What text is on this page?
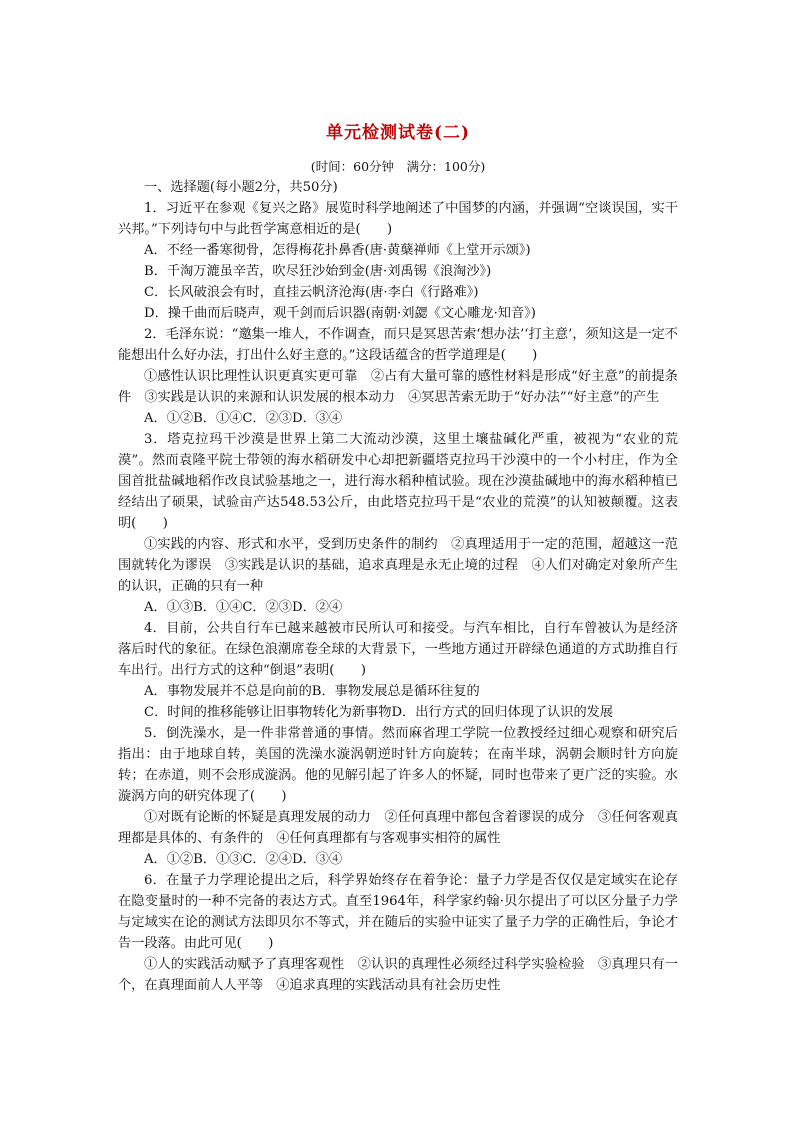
单元检测试卷(二)
(时间：60分钟　满分：100分)
一、选择题(每小题2分，共50分)

1．习近平在参观《复兴之路》展览时科学地阐述了中国梦的内涵，并强调“空谈误国，实干兴邦。”下列诗句中与此哲学寓意相近的是(　　)

A．不经一番寒彻骨，怎得梅花扑鼻香(唐·黄蘖禅师《上堂开示颂》)

B．千淘万漉虽辛苦，吹尽狂沙始到金(唐·刘禹锡《浪淘沙》)

C．长风破浪会有时，直挂云帆济沧海(唐·李白《行路难》)

D．操千曲而后晓声，观千剑而后识器(南朝·刘勰《文心雕龙·知音》)

2．毛泽东说：“邀集一堆人，不作调查，而只是冥思苦索‘想办法’‘打主意’，须知这是一定不能想出什么好办法，打出什么好主意的。”这段话蕴含的哲学道理是(　　)

①感性认识比理性认识更真实更可靠　②占有大量可靠的感性材料是形成“好主意”的前提条件　③实践是认识的来源和认识发展的根本动力　④冥思苦索无助于“好办法”“好主意”的产生

A．①②B．①④C．②③D．③④

3．塔克拉玛干沙漠是世界上第二大流动沙漠，这里土壤盐碱化严重，被视为“农业的荒漠”。然而袁隆平院士带领的海水稻研发中心却把新疆塔克拉玛干沙漠中的一个小村庄，作为全国首批盐碱地稻作改良试验基地之一，进行海水稻种植试验。现在沙漠盐碱地中的海水稻种植已经结出了硕果，试验亩产达548.53公斤，由此塔克拉玛干是“农业的荒漠”的认知被颠覆。这表明(　　)

①实践的内容、形式和水平，受到历史条件的制约　②真理适用于一定的范围，超越这一范围就转化为谬误　③实践是认识的基础，追求真理是永无止境的过程　④人们对确定对象所产生的认识，正确的只有一种

A．①③B．①④C．②③D．②④

4．目前，公共自行车已越来越被市民所认可和接受。与汽车相比，自行车曾被认为是经济落后时代的象征。在绿色浪潮席卷全球的大背景下，一些地方通过开辟绿色通道的方式助推自行车出行。出行方式的这种“倒退”表明(　　)

A．事物发展并不总是向前的B．事物发展总是循环往复的

C．时间的推移能够让旧事物转化为新事物D．出行方式的回归体现了认识的发展

5．倒洗澡水，是一件非常普通的事情。然而麻省理工学院一位教授经过细心观察和研究后指出：由于地球自转，美国的洗澡水漩涡朝逆时针方向旋转；在南半球，涡朝会顺时针方向旋转；在赤道，则不会形成漩涡。他的见解引起了许多人的怀疑，同时也带来了更广泛的实验。水漩涡方向的研究体现了(　　)

①对既有论断的怀疑是真理发展的动力　②任何真理中都包含着谬误的成分　③任何客观真理都是具体的、有条件的　④任何真理都有与客观事实相符的属性

A．①②B．①③C．②④D．③④

6．在量子力学理论提出之后，科学界始终存在着争论：量子力学是否仅仅是定域实在论存在隐变量时的一种不完备的表达方式。直至1964年，科学家约翰·贝尔提出了可以区分量子力学与定域实在论的测试方法即贝尔不等式，并在随后的实验中证实了量子力学的正确性后，争论才告一段落。由此可见(　　)

①人的实践活动赋予了真理客观性　②认识的真理性必须经过科学实验检验　③真理只有一个，在真理面前人人平等　④追求真理的实践活动具有社会历史性
